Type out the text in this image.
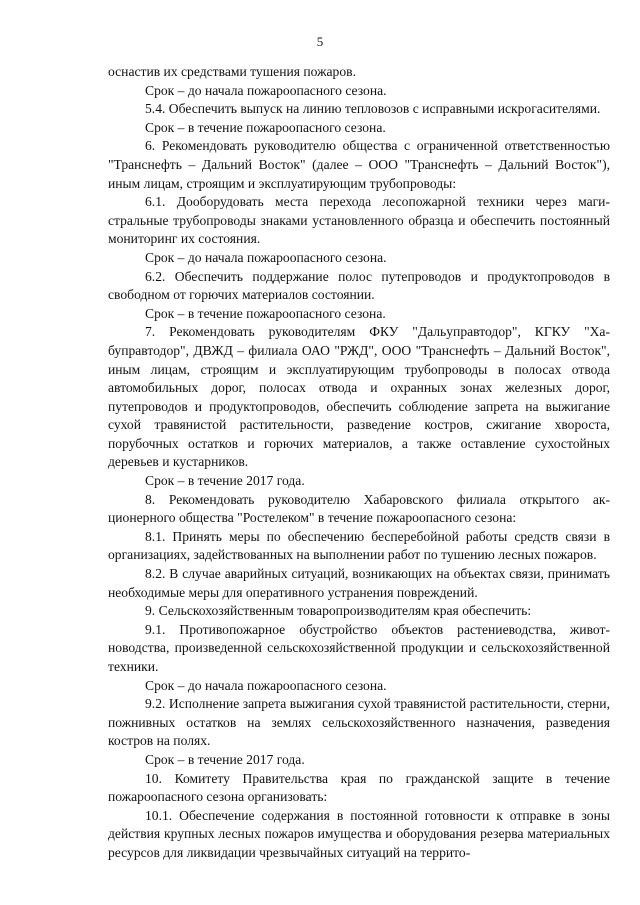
5

оснастив их средствами тушения пожаров.

Срок – до начала пожароопасного сезона.

5.4. Обеспечить выпуск на линию тепловозов с исправными искрогасителями.

Срок – в течение пожароопасного сезона.

6. Рекомендовать руководителю общества с ограниченной ответственностью "Транснефть – Дальний Восток" (далее – ООО "Транснефть – Дальний Восток"), иным лицам, строящим и эксплуатирующим трубопроводы:

6.1. Дооборудовать места перехода лесопожарной техники через магистральные трубопроводы знаками установленного образца и обеспечить постоянный мониторинг их состояния.

Срок – до начала пожароопасного сезона.

6.2. Обеспечить поддержание полос путепроводов и продуктопроводов в свободном от горючих материалов состоянии.

Срок – в течение пожароопасного сезона.

7. Рекомендовать руководителям ФКУ "Дальуправтодор", КГКУ "Хабупрaвтодор", ДВЖД – филиала ОАО "РЖД", ООО "Транснефть – Дальний Восток", иным лицам, строящим и эксплуатирующим трубопроводы в полосах отвода автомобильных дорог, полосах отвода и охранных зонах железных дорог, путепроводов и продуктопроводов, обеспечить соблюдение запрета на выжигание сухой травянистой растительности, разведение костров, сжигание хвороста, порубочных остатков и горючих материалов, а также оставление сухостойных деревьев и кустарников.

Срок – в течение 2017 года.

8. Рекомендовать руководителю Хабаровского филиала открытого акционерного общества "Ростелеком" в течение пожароопасного сезона:

8.1. Принять меры по обеспечению бесперебойной работы средств связи в организациях, задействованных на выполнении работ по тушению лесных пожаров.

8.2. В случае аварийных ситуаций, возникающих на объектах связи, принимать необходимые меры для оперативного устранения повреждений.

9. Сельскохозяйственным товаропроизводителям края обеспечить:

9.1. Противопожарное обустройство объектов растениеводства, животноводства, произведенной сельскохозяйственной продукции и сельскохозяйственной техники.

Срок – до начала пожароопасного сезона.

9.2. Исполнение запрета выжигания сухой травянистой растительности, стерни, пожнивных остатков на землях сельскохозяйственного назначения, разведения костров на полях.

Срок – в течение 2017 года.

10. Комитету Правительства края по гражданской защите в течение пожароопасного сезона организовать:

10.1. Обеспечение содержания в постоянной готовности к отправке в зоны действия крупных лесных пожаров имущества и оборудования резерва материальных ресурсов для ликвидации чрезвычайных ситуаций на террито-
